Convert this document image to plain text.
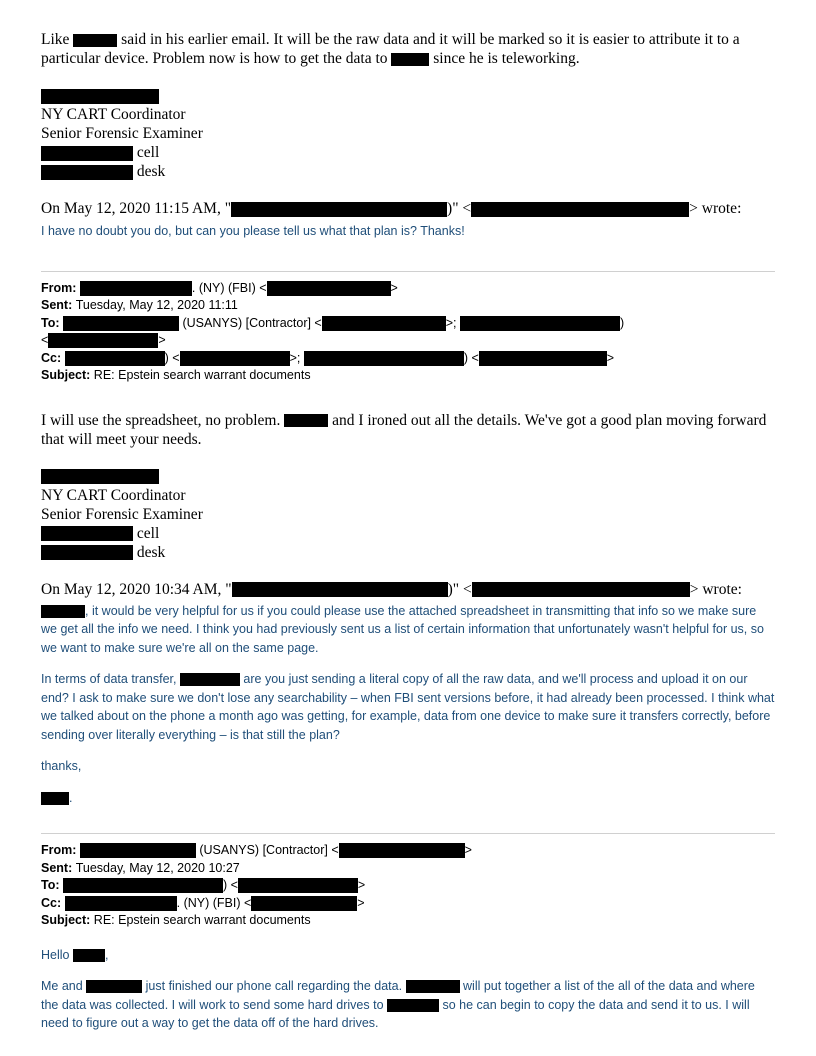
Like	said in his earlier email. It will be the raw data and it will be marked so it is easier to attribute it to a particular device. Problem now is how to get the data to  since he is teleworking.
NY CART Coordinator
Senior Forensic Examiner
cell
desk
On May 12, 2020 11:15 AM, "	)" <	> wrote:
I have no doubt you do, but can you please tell us what that plan is? Thanks!
From:	. (NY) (FBI) <	>
Sent: Tuesday, May 12, 2020 11:11
To:	(USANYS) [Contractor] <	>;	)
<	>
Cc:	) <	>;	) <	>
Subject: RE: Epstein search warrant documents
I will use the spreadsheet, no problem.	and I ironed out all the details. We've got a good plan moving forward that will meet your needs.
NY CART Coordinator
Senior Forensic Examiner
cell
desk
On May 12, 2020 10:34 AM, "	)" <	> wrote:
, it would be very helpful for us if you could please use the attached spreadsheet in transmitting that info so we make sure we get all the info we need. I think you had previously sent us a list of certain information that unfortunately wasn't helpful for us, so we want to make sure we're all on the same page.
In terms of data transfer,	are you just sending a literal copy of all the raw data, and we'll process and upload it on our end? I ask to make sure we don't lose any searchability – when FBI sent versions before, it had already been processed. I think what we talked about on the phone a month ago was getting, for example, data from one device to make sure it transfers correctly, before sending over literally everything – is that still the plan?
thanks,
.
From:	(USANYS) [Contractor] <	>
Sent: Tuesday, May 12, 2020 10:27
To:	) <	>
Cc:	. (NY) (FBI) <	>
Subject: RE: Epstein search warrant documents
Hello	,
Me and	just finished our phone call regarding the data.	will put together a list of the all of the data and where the data was collected. I will work to send some hard drives to	so he can begin to copy the data and send it to us. I will need to figure out a way to get the data off of the hard drives.
